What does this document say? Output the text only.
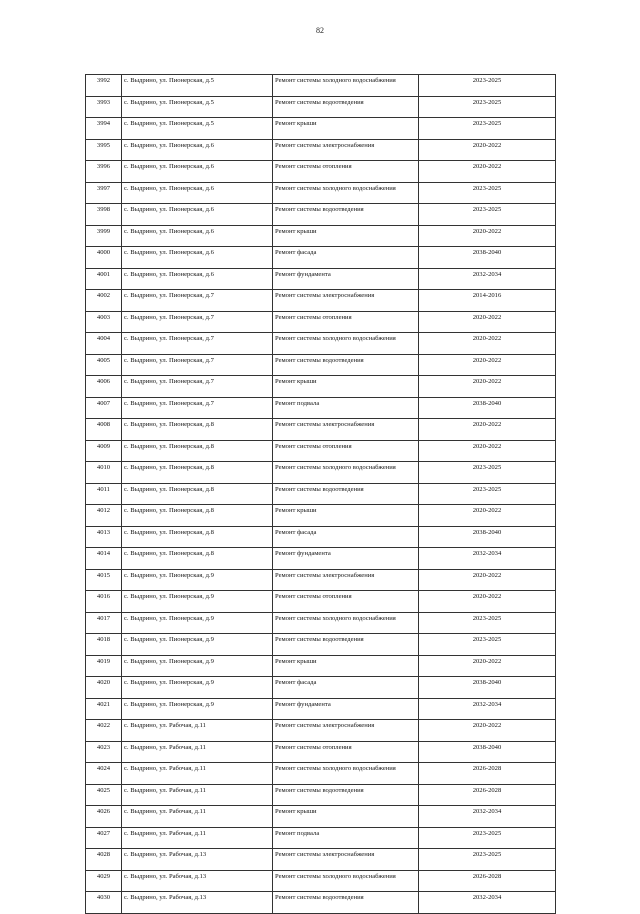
82
3992	с. Выдрино, ул. Пионерская, д.5	Ремонт системы холодного водоснабжения	2023-2025
3993	с. Выдрино, ул. Пионерская, д.5	Ремонт системы водоотведения	2023-2025
3994	с. Выдрино, ул. Пионерская, д.5	Ремонт крыши	2023-2025
3995	с. Выдрино, ул. Пионерская, д.6	Ремонт системы электроснабжения	2020-2022
3996	с. Выдрино, ул. Пионерская, д.6	Ремонт системы отопления	2020-2022
3997	с. Выдрино, ул. Пионерская, д.6	Ремонт системы холодного водоснабжения	2023-2025
3998	с. Выдрино, ул. Пионерская, д.6	Ремонт системы водоотведения	2023-2025
3999	с. Выдрино, ул. Пионерская, д.6	Ремонт крыши	2020-2022
4000	с. Выдрино, ул. Пионерская, д.6	Ремонт фасада	2038-2040
4001	с. Выдрино, ул. Пионерская, д.6	Ремонт фундамента	2032-2034
4002	с. Выдрино, ул. Пионерская, д.7	Ремонт системы электроснабжения	2014-2016
4003	с. Выдрино, ул. Пионерская, д.7	Ремонт системы отопления	2020-2022
4004	с. Выдрино, ул. Пионерская, д.7	Ремонт системы холодного водоснабжения	2020-2022
4005	с. Выдрино, ул. Пионерская, д.7	Ремонт системы водоотведения	2020-2022
4006	с. Выдрино, ул. Пионерская, д.7	Ремонт крыши	2020-2022
4007	с. Выдрино, ул. Пионерская, д.7	Ремонт подвала	2038-2040
4008	с. Выдрино, ул. Пионерская, д.8	Ремонт системы электроснабжения	2020-2022
4009	с. Выдрино, ул. Пионерская, д.8	Ремонт системы отопления	2020-2022
4010	с. Выдрино, ул. Пионерская, д.8	Ремонт системы холодного водоснабжения	2023-2025
4011	с. Выдрино, ул. Пионерская, д.8	Ремонт системы водоотведения	2023-2025
4012	с. Выдрино, ул. Пионерская, д.8	Ремонт крыши	2020-2022
4013	с. Выдрино, ул. Пионерская, д.8	Ремонт фасада	2038-2040
4014	с. Выдрино, ул. Пионерская, д.8	Ремонт фундамента	2032-2034
4015	с. Выдрино, ул. Пионерская, д.9	Ремонт системы электроснабжения	2020-2022
4016	с. Выдрино, ул. Пионерская, д.9	Ремонт системы отопления	2020-2022
4017	с. Выдрино, ул. Пионерская, д.9	Ремонт системы холодного водоснабжения	2023-2025
4018	с. Выдрино, ул. Пионерская, д.9	Ремонт системы водоотведения	2023-2025
4019	с. Выдрино, ул. Пионерская, д.9	Ремонт крыши	2020-2022
4020	с. Выдрино, ул. Пионерская, д.9	Ремонт фасада	2038-2040
4021	с. Выдрино, ул. Пионерская, д.9	Ремонт фундамента	2032-2034
4022	с. Выдрино, ул. Рабочая, д.11	Ремонт системы электроснабжения	2020-2022
4023	с. Выдрино, ул. Рабочая, д.11	Ремонт системы отопления	2038-2040
4024	с. Выдрино, ул. Рабочая, д.11	Ремонт системы холодного водоснабжения	2026-2028
4025	с. Выдрино, ул. Рабочая, д.11	Ремонт системы водоотведения	2026-2028
4026	с. Выдрино, ул. Рабочая, д.11	Ремонт крыши	2032-2034
4027	с. Выдрино, ул. Рабочая, д.11	Ремонт подвала	2023-2025
4028	с. Выдрино, ул. Рабочая, д.13	Ремонт системы электроснабжения	2023-2025
4029	с. Выдрино, ул. Рабочая, д.13	Ремонт системы холодного водоснабжения	2026-2028
4030	с. Выдрино, ул. Рабочая, д.13	Ремонт системы водоотведения	2032-2034
